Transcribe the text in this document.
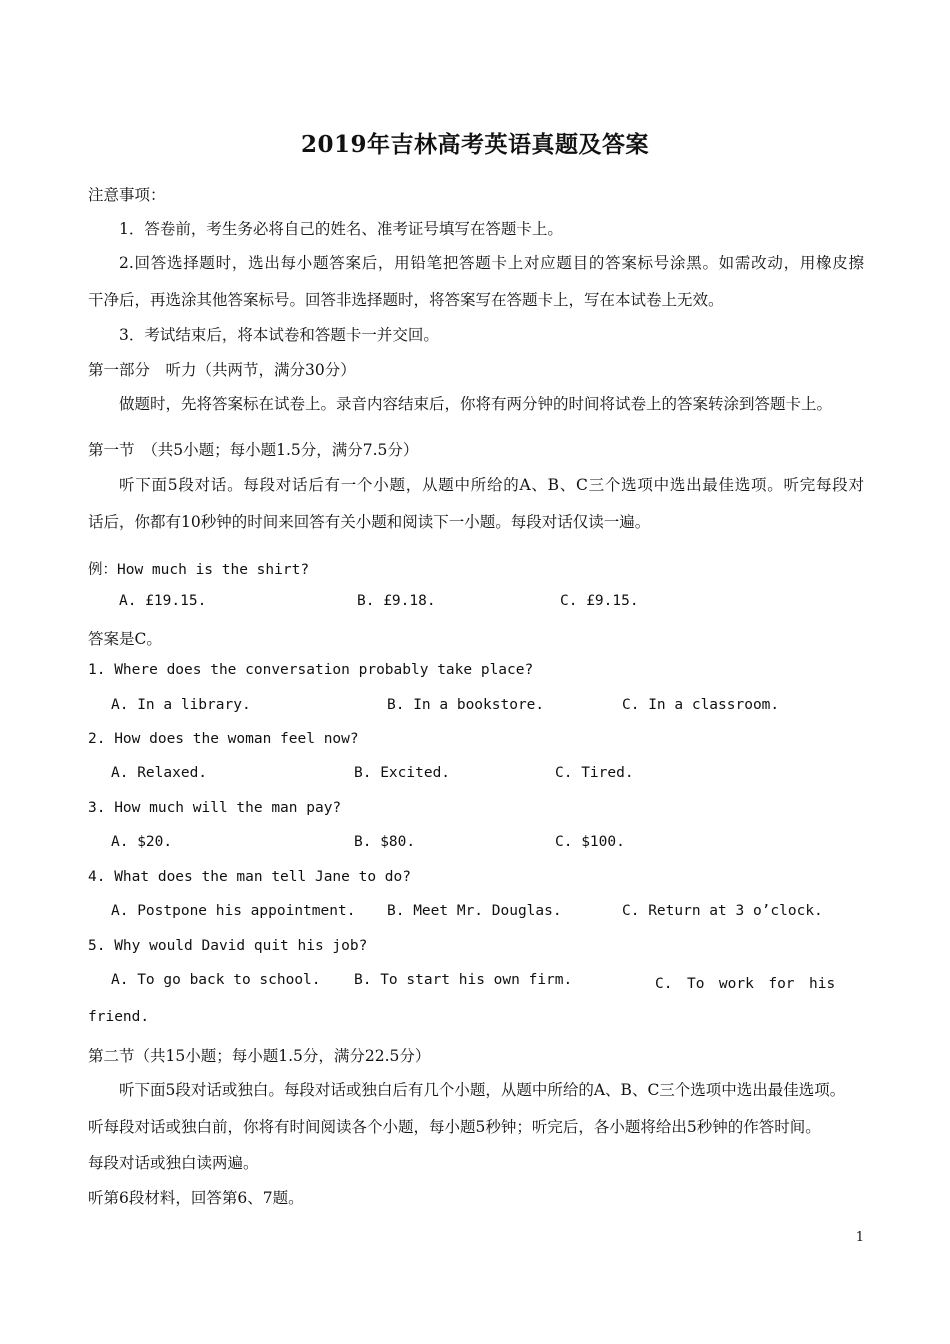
2019年吉林高考英语真题及答案
注意事项：
1．答卷前，考生务必将自己的姓名、准考证号填写在答题卡上。
2.回答选择题时，选出每小题答案后，用铅笔把答题卡上对应题目的答案标号涂黑。如需改动，用橡皮擦
干净后，再选涂其他答案标号。回答非选择题时，将答案写在答题卡上，写在本试卷上无效。
3．考试结束后，将本试卷和答题卡一并交回。
第一部分　听力（共两节，满分30分）
做题时，先将答案标在试卷上。录音内容结束后，你将有两分钟的时间将试卷上的答案转涂到答题卡上。
第一节　（共5小题；每小题1.5分，满分7.5分）
听下面5段对话。每段对话后有一个小题，从题中所给的A、B、C三个选项中选出最佳选项。听完每段对
话后，你都有10秒钟的时间来回答有关小题和阅读下一小题。每段对话仅读一遍。
例：How much is the shirt?
A. £19.15.	B. £9.18.	C. £9.15.
答案是C。
1. Where does the conversation probably take place?
A. In a library.	B. In a bookstore.	C. In a classroom.
2. How does the woman feel now?
A. Relaxed.	B. Excited.	C. Tired.
3. How much will the man pay?
A. $20.	B. $80.	C. $100.
4. What does the man tell Jane to do?
A. Postpone his appointment. B. Meet Mr. Douglas.	C. Return at 3 o’clock.
5. Why would David quit his job?
A. To go back to school. B. To start his own firm.	C.　To　work　for　his
friend.
第二节（共15小题；每小题1.5分，满分22.5分）
听下面5段对话或独白。每段对话或独白后有几个小题，从题中所给的A、B、C三个选项中选出最佳选项。
听每段对话或独白前，你将有时间阅读各个小题，每小题5秒钟；听完后，各小题将给出5秒钟的作答时间。
每段对话或独白读两遍。
听第6段材料，回答第6、7题。
1
